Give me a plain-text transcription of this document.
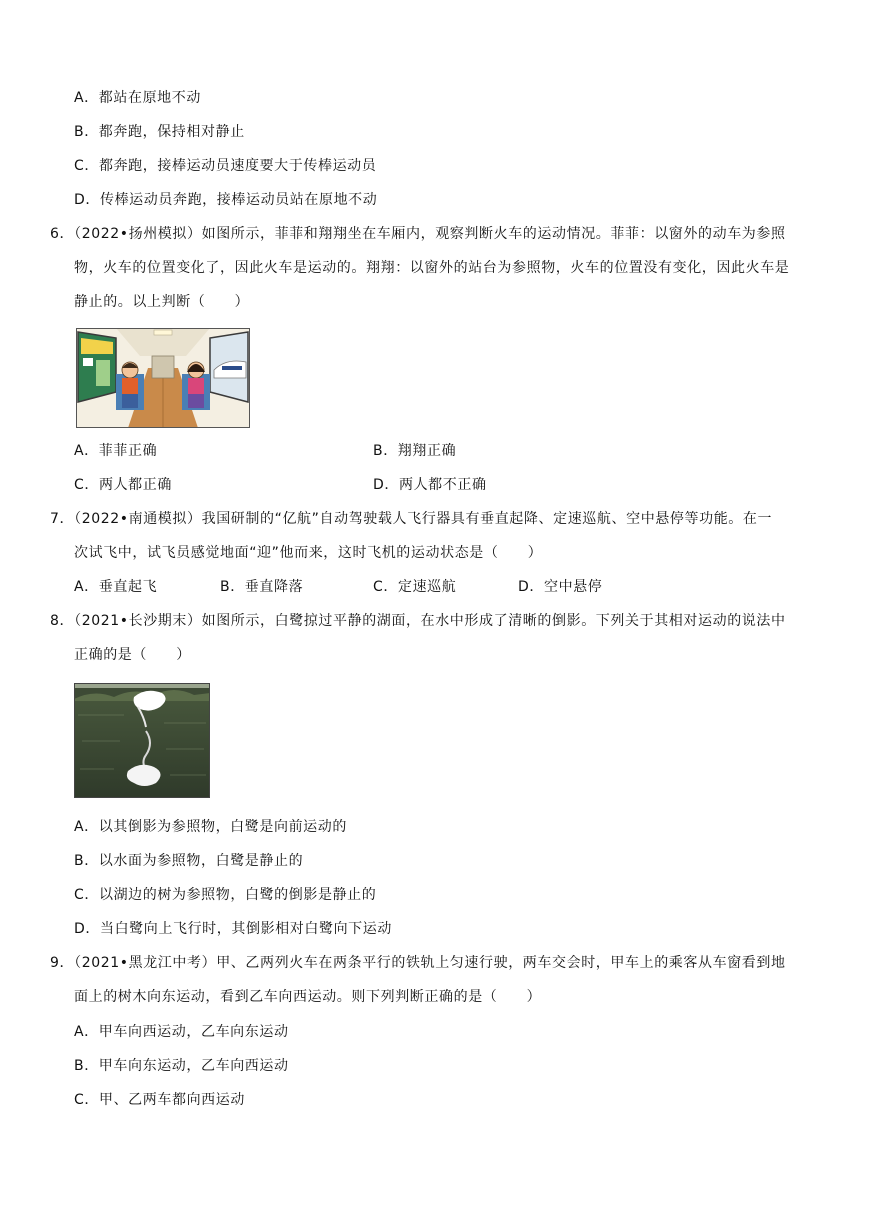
A．都站在原地不动
B．都奔跑，保持相对静止
C．都奔跑，接棒运动员速度要大于传棒运动员
D．传棒运动员奔跑，接棒运动员站在原地不动
6．（2022•扬州模拟）如图所示，菲菲和翔翔坐在车厢内，观察判断火车的运动情况。菲菲：以窗外的动车为参照
物，火车的位置变化了，因此火车是运动的。翔翔：以窗外的站台为参照物，火车的位置没有变化，因此火车是
静止的。以上判断（　　）
A．菲菲正确	B．翔翔正确
C．两人都正确	D．两人都不正确
7．（2022•南通模拟）我国研制的“亿航”自动驾驶载人飞行器具有垂直起降、定速巡航、空中悬停等功能。在一
次试飞中，试飞员感觉地面“迎”他而来，这时飞机的运动状态是（　　）
A．垂直起飞	B．垂直降落	C．定速巡航	D．空中悬停
8．（2021•长沙期末）如图所示，白鹭掠过平静的湖面，在水中形成了清晰的倒影。下列关于其相对运动的说法中
正确的是（　　）
A．以其倒影为参照物，白鹭是向前运动的
B．以水面为参照物，白鹭是静止的
C．以湖边的树为参照物，白鹭的倒影是静止的
D．当白鹭向上飞行时，其倒影相对白鹭向下运动
9．（2021•黑龙江中考）甲、乙两列火车在两条平行的铁轨上匀速行驶，两车交会时，甲车上的乘客从车窗看到地
面上的树木向东运动，看到乙车向西运动。则下列判断正确的是（　　）
A．甲车向西运动，乙车向东运动
B．甲车向东运动，乙车向西运动
C．甲、乙两车都向西运动
